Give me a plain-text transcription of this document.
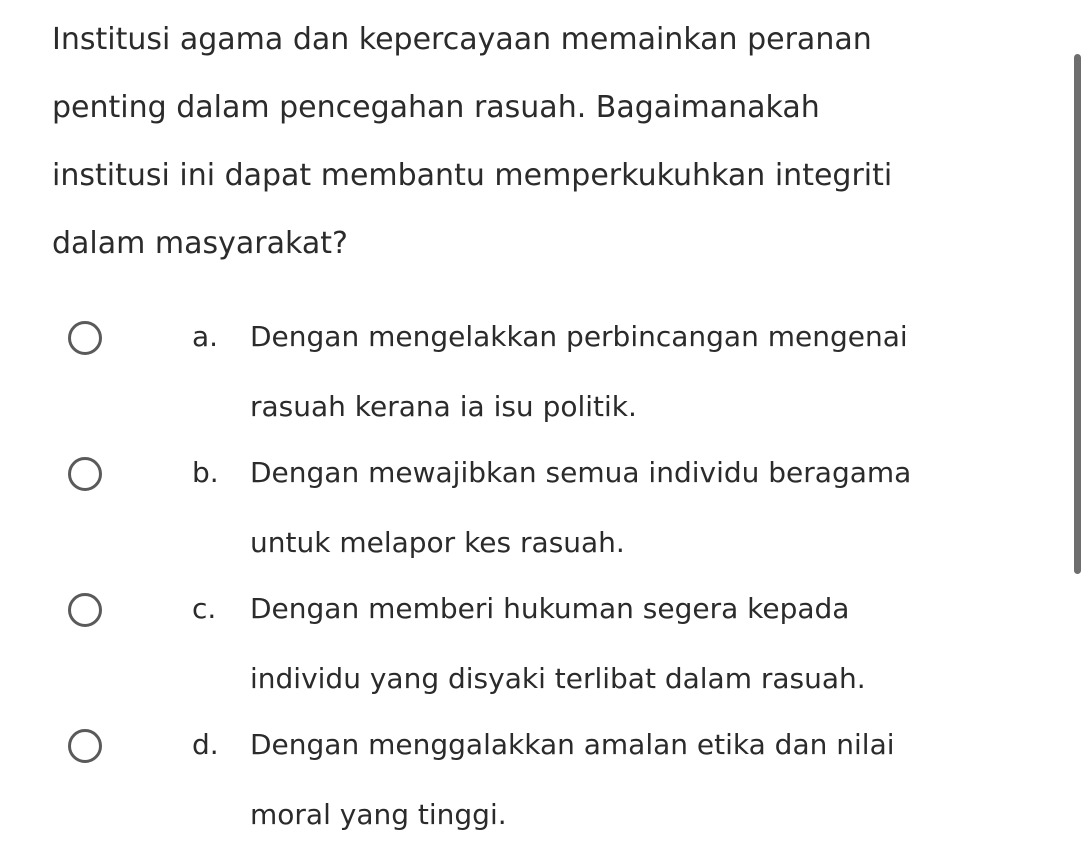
Institusi agama dan kepercayaan memainkan peranan
penting dalam pencegahan rasuah. Bagaimanakah
institusi ini dapat membantu memperkukuhkan integriti
dalam masyarakat?
a. Dengan mengelakkan perbincangan mengenai
rasuah kerana ia isu politik.
b. Dengan mewajibkan semua individu beragama
untuk melapor kes rasuah.
c. Dengan memberi hukuman segera kepada
individu yang disyaki terlibat dalam rasuah.
d. Dengan menggalakkan amalan etika dan nilai
moral yang tinggi.
